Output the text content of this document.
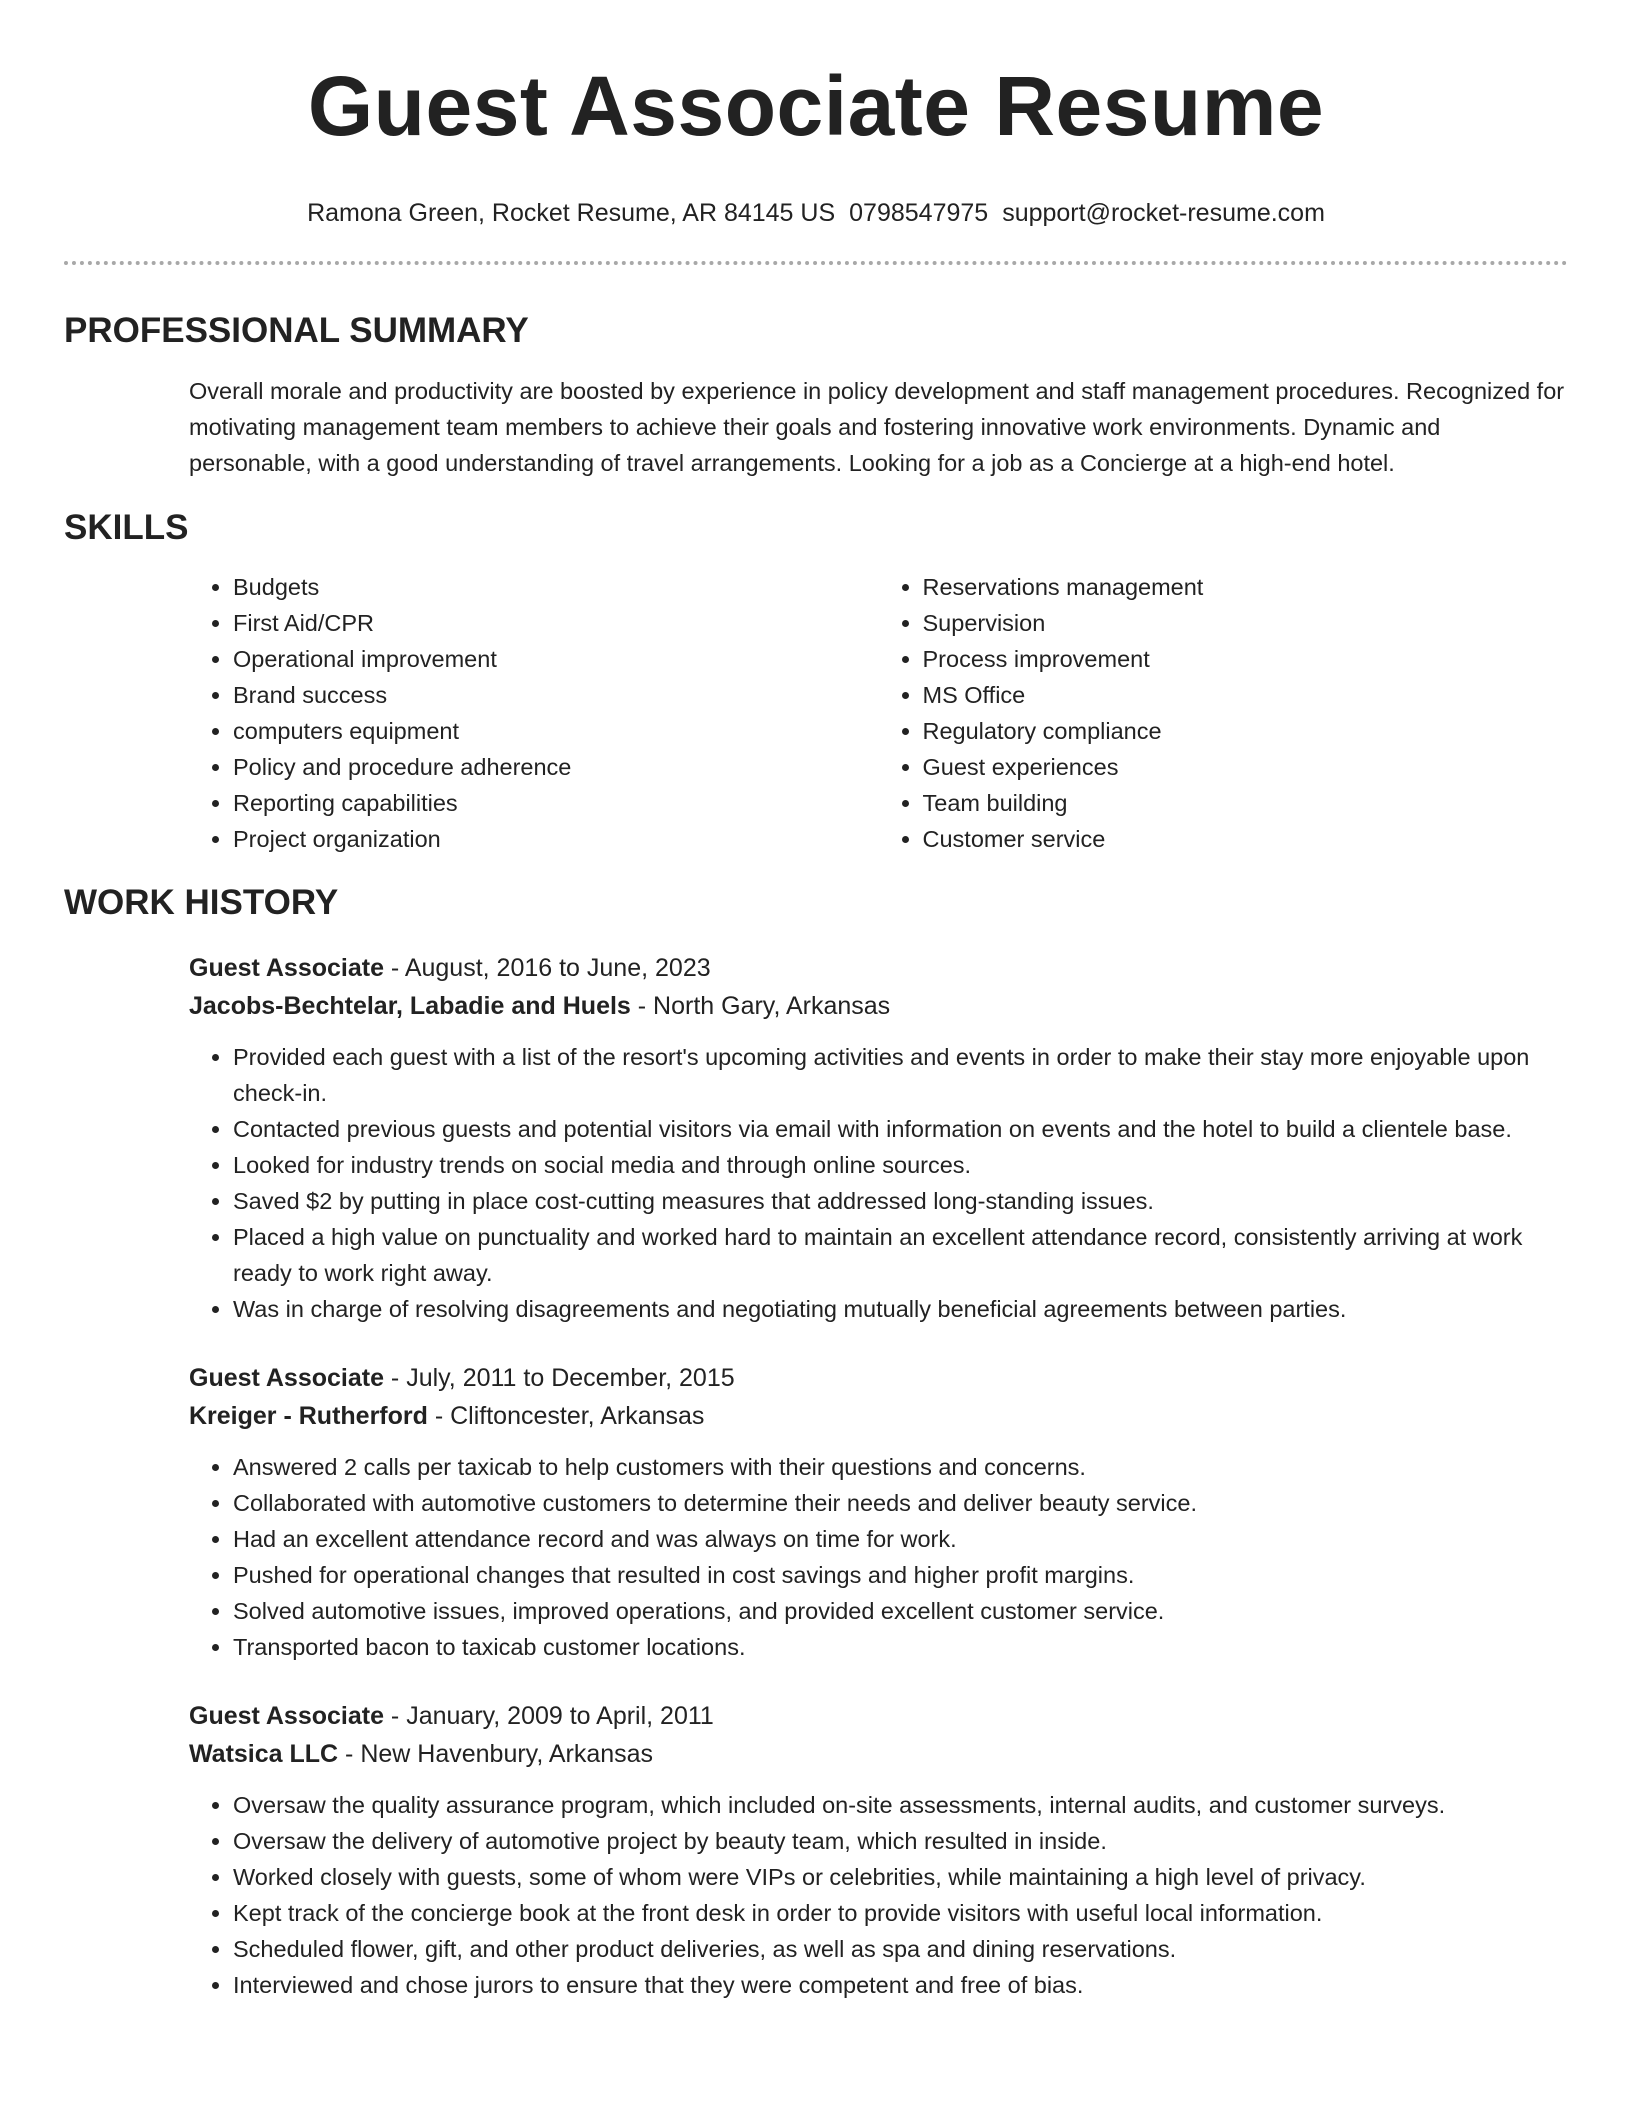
Guest Associate Resume
Ramona Green, Rocket Resume, AR 84145 US 0798547975 support@rocket-resume.com
PROFESSIONAL SUMMARY

Overall morale and productivity are boosted by experience in policy development and staff management procedures. Recognized for motivating management team members to achieve their goals and fostering innovative work environments. Dynamic and personable, with a good understanding of travel arrangements. Looking for a job as a Concierge at a high-end hotel.

SKILLS
• Budgets
• First Aid/CPR
• Operational improvement
• Brand success
• computers equipment
• Policy and procedure adherence
• Reporting capabilities
• Project organization
• Reservations management
• Supervision
• Process improvement
• MS Office
• Regulatory compliance
• Guest experiences
• Team building
• Customer service
WORK HISTORY
Guest Associate - August, 2016 to June, 2023
Jacobs-Bechtelar, Labadie and Huels - North Gary, Arkansas
• Provided each guest with a list of the resort's upcoming activities and events in order to make their stay more enjoyable upon check-in.
• Contacted previous guests and potential visitors via email with information on events and the hotel to build a clientele base.
• Looked for industry trends on social media and through online sources.
• Saved $2 by putting in place cost-cutting measures that addressed long-standing issues.
• Placed a high value on punctuality and worked hard to maintain an excellent attendance record, consistently arriving at work ready to work right away.
• Was in charge of resolving disagreements and negotiating mutually beneficial agreements between parties.
Guest Associate - July, 2011 to December, 2015
Kreiger - Rutherford - Cliftoncester, Arkansas
• Answered 2 calls per taxicab to help customers with their questions and concerns.
• Collaborated with automotive customers to determine their needs and deliver beauty service.
• Had an excellent attendance record and was always on time for work.
• Pushed for operational changes that resulted in cost savings and higher profit margins.
• Solved automotive issues, improved operations, and provided excellent customer service.
• Transported bacon to taxicab customer locations.
Guest Associate - January, 2009 to April, 2011
Watsica LLC - New Havenbury, Arkansas
• Oversaw the quality assurance program, which included on-site assessments, internal audits, and customer surveys.
• Oversaw the delivery of automotive project by beauty team, which resulted in inside.
• Worked closely with guests, some of whom were VIPs or celebrities, while maintaining a high level of privacy.
• Kept track of the concierge book at the front desk in order to provide visitors with useful local information.
• Scheduled flower, gift, and other product deliveries, as well as spa and dining reservations.
• Interviewed and chose jurors to ensure that they were competent and free of bias.
